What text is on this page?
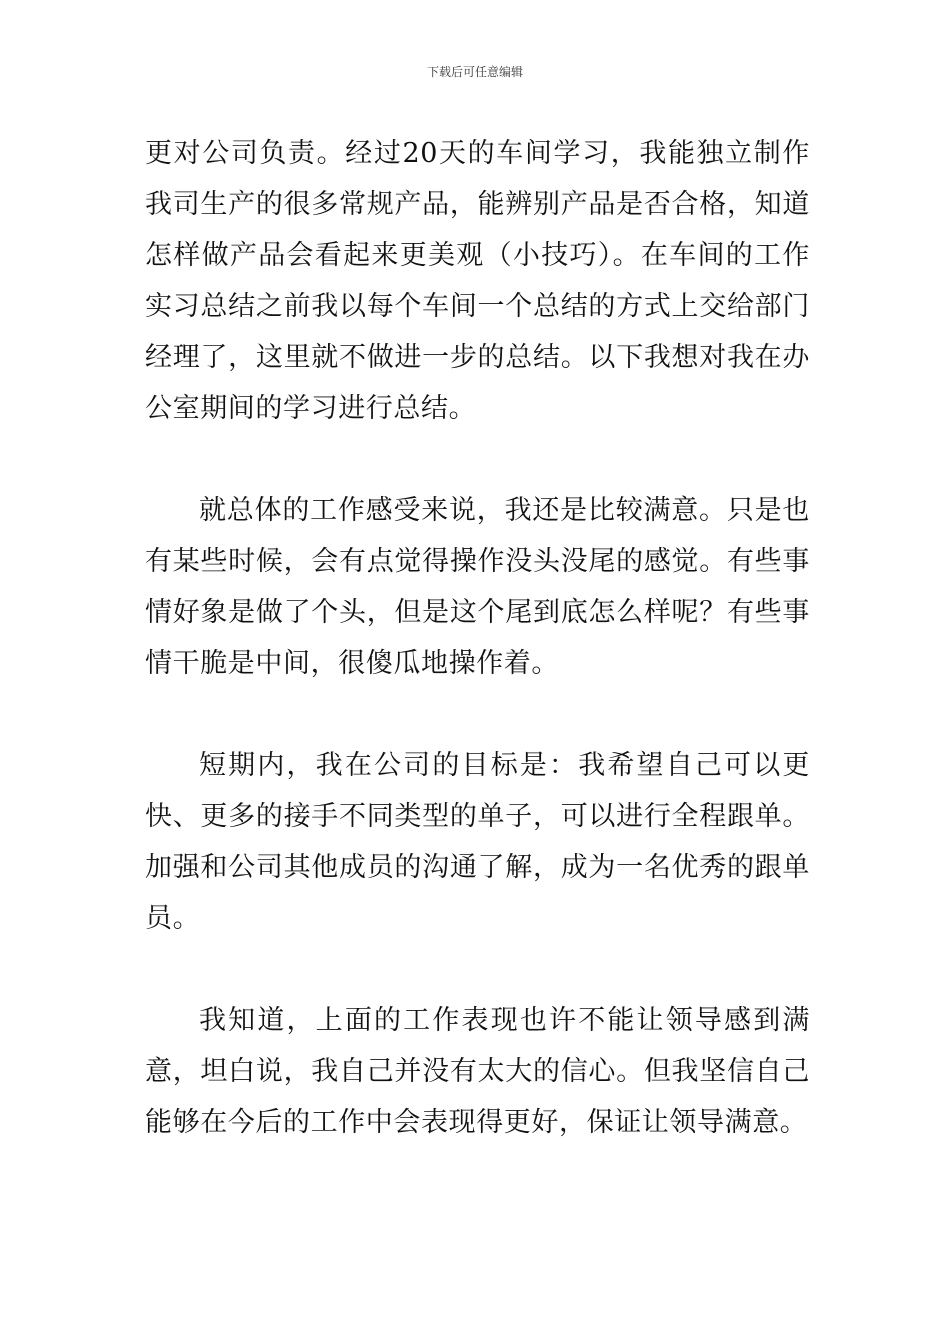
下载后可任意编辑

更对公司负责。经过20天的车间学习，我能独立制作我司生产的很多常规产品，能辨别产品是否合格，知道怎样做产品会看起来更美观（小技巧）。在车间的工作实习总结之前我以每个车间一个总结的方式上交给部门经理了，这里就不做进一步的总结。以下我想对我在办公室期间的学习进行总结。

就总体的工作感受来说，我还是比较满意。只是也有某些时候，会有点觉得操作没头没尾的感觉。有些事情好象是做了个头，但是这个尾到底怎么样呢？有些事情干脆是中间，很傻瓜地操作着。

短期内，我在公司的目标是：我希望自己可以更快、更多的接手不同类型的单子，可以进行全程跟单。加强和公司其他成员的沟通了解，成为一名优秀的跟单员。

我知道，上面的工作表现也许不能让领导感到满意，坦白说，我自己并没有太大的信心。但我坚信自己能够在今后的工作中会表现得更好，保证让领导满意。
